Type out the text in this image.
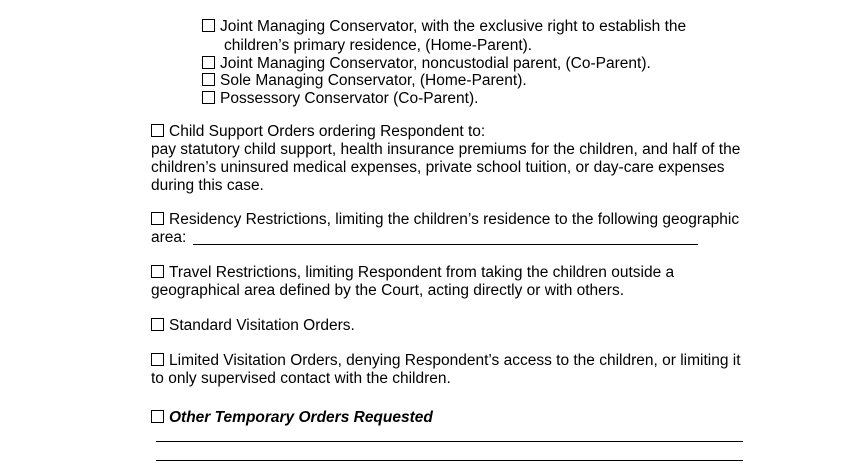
Joint Managing Conservator, with the exclusive right to establish the
children’s primary residence, (Home-Parent).
Joint Managing Conservator, noncustodial parent, (Co-Parent).
Sole Managing Conservator, (Home-Parent).
Possessory Conservator (Co-Parent).
Child Support Orders ordering Respondent to:
pay statutory child support, health insurance premiums for the children, and half of the
children’s uninsured medical expenses, private school tuition, or day-care expenses
during this case.
Residency Restrictions, limiting the children’s residence to the following geographic
area:
Travel Restrictions, limiting Respondent from taking the children outside a
geographical area defined by the Court, acting directly or with others.
Standard Visitation Orders.
Limited Visitation Orders, denying Respondent’s access to the children, or limiting it
to only supervised contact with the children.
Other Temporary Orders Requested
